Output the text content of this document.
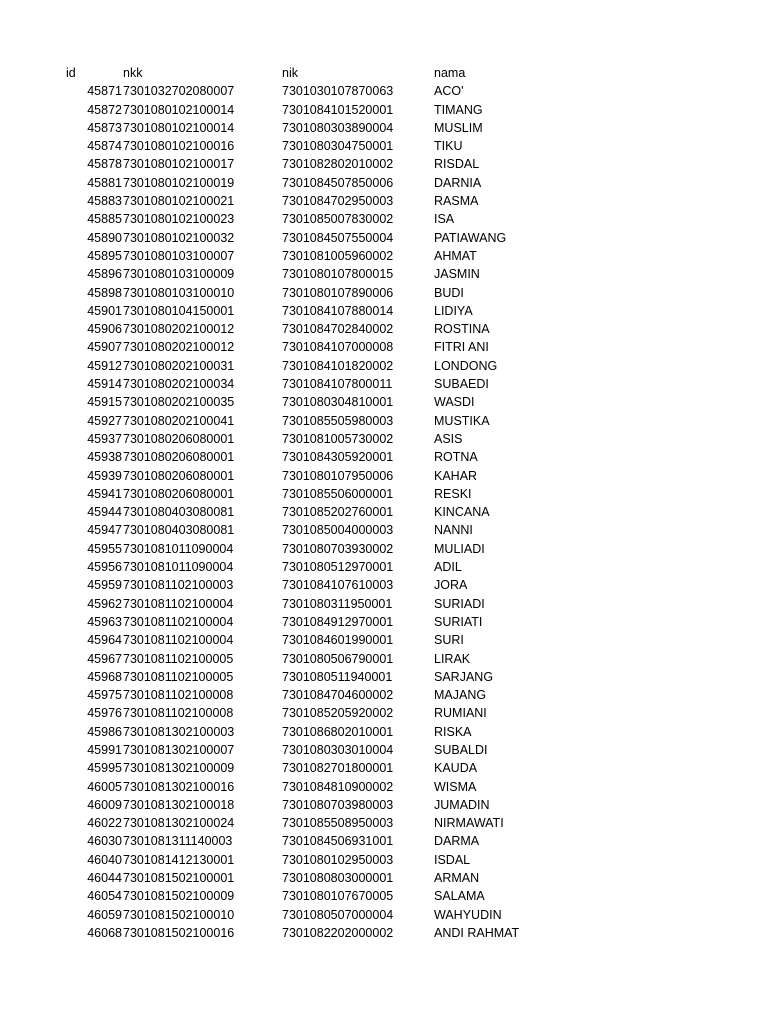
id	nkk	nik	nama
45871 7301032702080007	7301030107870063	ACO'
45872 7301080102100014	7301084101520001	TIMANG
45873 7301080102100014	7301080303890004	MUSLIM
45874 7301080102100016	7301080304750001	TIKU
45878 7301080102100017	7301082802010002	RISDAL
45881 7301080102100019	7301084507850006	DARNIA
45883 7301080102100021	7301084702950003	RASMA
45885 7301080102100023	7301085007830002	ISA
45890 7301080102100032	7301084507550004	PATIAWANG
45895 7301080103100007	7301081005960002	AHMAT
45896 7301080103100009	7301080107800015	JASMIN
45898 7301080103100010	7301080107890006	BUDI
45901 7301080104150001	7301084107880014	LIDIYA
45906 7301080202100012	7301084702840002	ROSTINA
45907 7301080202100012	7301084107000008	FITRI ANI
45912 7301080202100031	7301084101820002	LONDONG
45914 7301080202100034	7301084107800011	SUBAEDI
45915 7301080202100035	7301080304810001	WASDI
45927 7301080202100041	7301085505980003	MUSTIKA
45937 7301080206080001	7301081005730002	ASIS
45938 7301080206080001	7301084305920001	ROTNA
45939 7301080206080001	7301080107950006	KAHAR
45941 7301080206080001	7301085506000001	RESKI
45944 7301080403080081	7301085202760001	KINCANA
45947 7301080403080081	7301085004000003	NANNI
45955 7301081011090004	7301080703930002	MULIADI
45956 7301081011090004	7301080512970001	ADIL
45959 7301081102100003	7301084107610003	JORA
45962 7301081102100004	7301080311950001	SURIADI
45963 7301081102100004	7301084912970001	SURIATI
45964 7301081102100004	7301084601990001	SURI
45967 7301081102100005	7301080506790001	LIRAK
45968 7301081102100005	7301080511940001	SARJANG
45975 7301081102100008	7301084704600002	MAJANG
45976 7301081102100008	7301085205920002	RUMIANI
45986 7301081302100003	7301086802010001	RISKA
45991 7301081302100007	7301080303010004	SUBALDI
45995 7301081302100009	7301082701800001	KAUDA
46005 7301081302100016	7301084810900002	WISMA
46009 7301081302100018	7301080703980003	JUMADIN
46022 7301081302100024	7301085508950003	NIRMAWATI
46030 7301081311140003	7301084506931001	DARMA
46040 7301081412130001	7301080102950003	ISDAL
46044 7301081502100001	7301080803000001	ARMAN
46054 7301081502100009	7301080107670005	SALAMA
46059 7301081502100010	7301080507000004	WAHYUDIN
46068 7301081502100016	7301082202000002	ANDI RAHMAT
